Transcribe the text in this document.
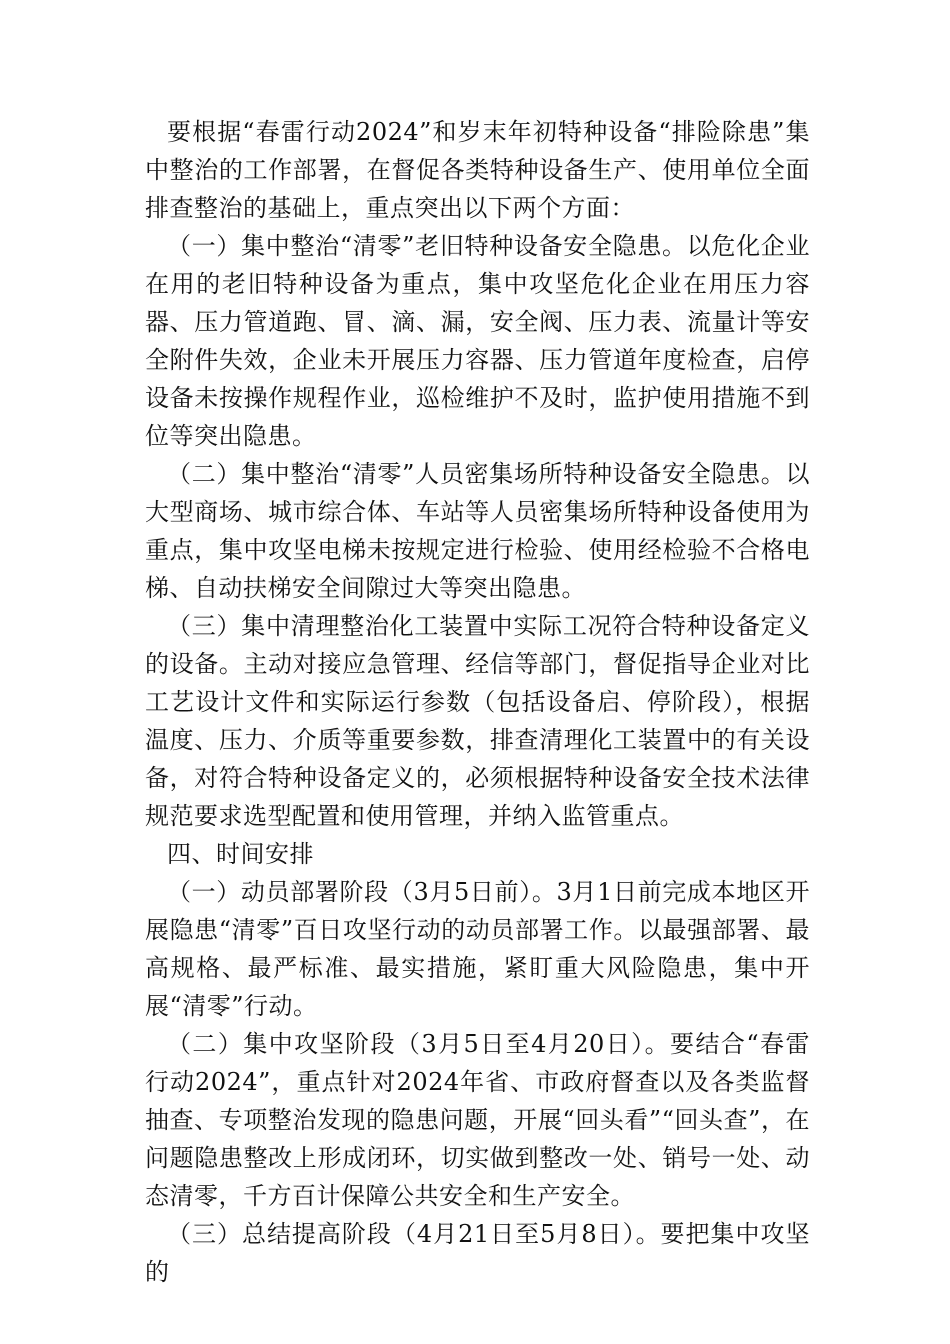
要根据“春雷行动2024”和岁末年初特种设备“排险除患”集中整治的工作部署，在督促各类特种设备生产、使用单位全面排查整治的基础上，重点突出以下两个方面：

（一）集中整治“清零”老旧特种设备安全隐患。以危化企业在用的老旧特种设备为重点，集中攻坚危化企业在用压力容器、压力管道跑、冒、滴、漏，安全阀、压力表、流量计等安全附件失效，企业未开展压力容器、压力管道年度检查，启停设备未按操作规程作业，巡检维护不及时，监护使用措施不到位等突出隐患。

（二）集中整治“清零”人员密集场所特种设备安全隐患。以大型商场、城市综合体、车站等人员密集场所特种设备使用为重点，集中攻坚电梯未按规定进行检验、使用经检验不合格电梯、自动扶梯安全间隙过大等突出隐患。

（三）集中清理整治化工装置中实际工况符合特种设备定义的设备。主动对接应急管理、经信等部门，督促指导企业对比工艺设计文件和实际运行参数（包括设备启、停阶段），根据温度、压力、介质等重要参数，排查清理化工装置中的有关设备，对符合特种设备定义的，必须根据特种设备安全技术法律规范要求选型配置和使用管理，并纳入监管重点。

四、时间安排

（一）动员部署阶段（3月5日前）。3月1日前完成本地区开展隐患“清零”百日攻坚行动的动员部署工作。以最强部署、最高规格、最严标准、最实措施，紧盯重大风险隐患，集中开展“清零”行动。

（二）集中攻坚阶段（3月5日至4月20日）。要结合“春雷行动2024”，重点针对2024年省、市政府督查以及各类监督抽查、专项整治发现的隐患问题，开展“回头看”“回头查”，在问题隐患整改上形成闭环，切实做到整改一处、销号一处、动态清零，千方百计保障公共安全和生产安全。

（三）总结提高阶段（4月21日至5月8日）。要把集中攻坚的
